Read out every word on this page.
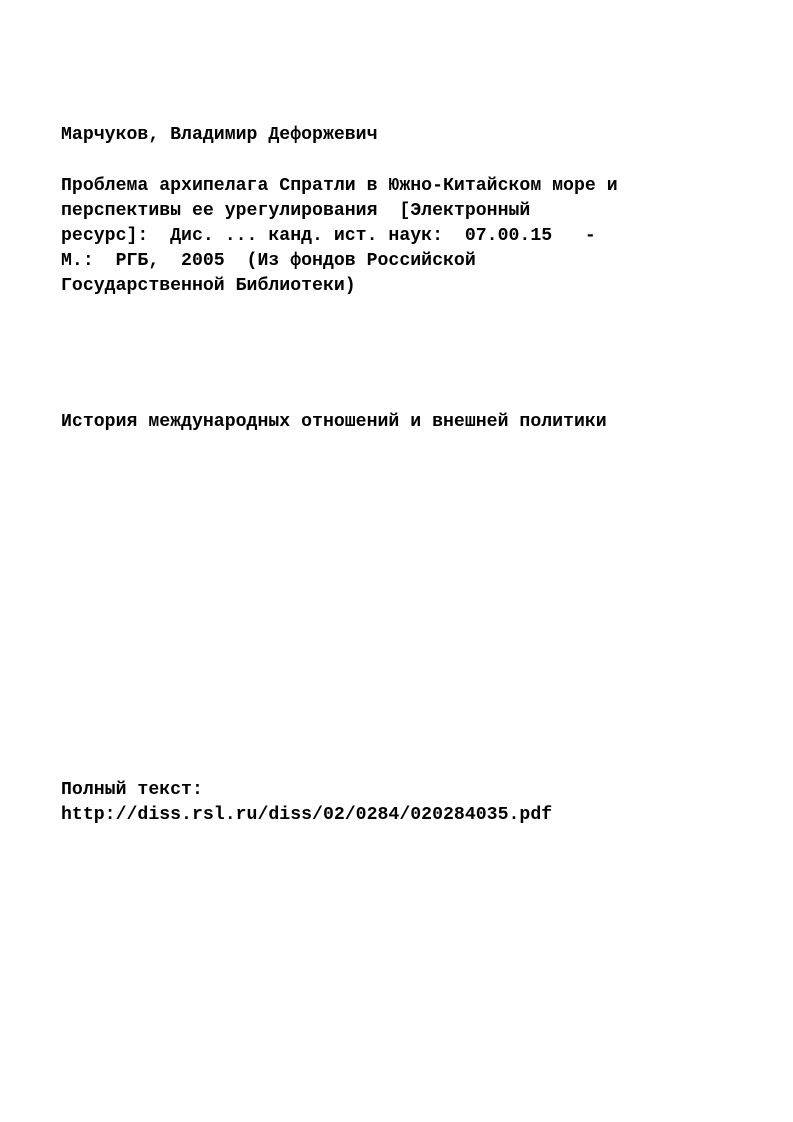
Марчуков, Владимир Дефоржевич
Проблема архипелага Спратли в Южно-Китайском море и
перспективы ее урегулирования  [Электронный
ресурс]:  Дис. ... канд. ист. наук:  07.00.15   -
М.:  РГБ,  2005  (Из фондов Российской
Государственной Библиотеки)
История международных отношений и внешней политики
Полный текст:
http://diss.rsl.ru/diss/02/0284/020284035.pdf
